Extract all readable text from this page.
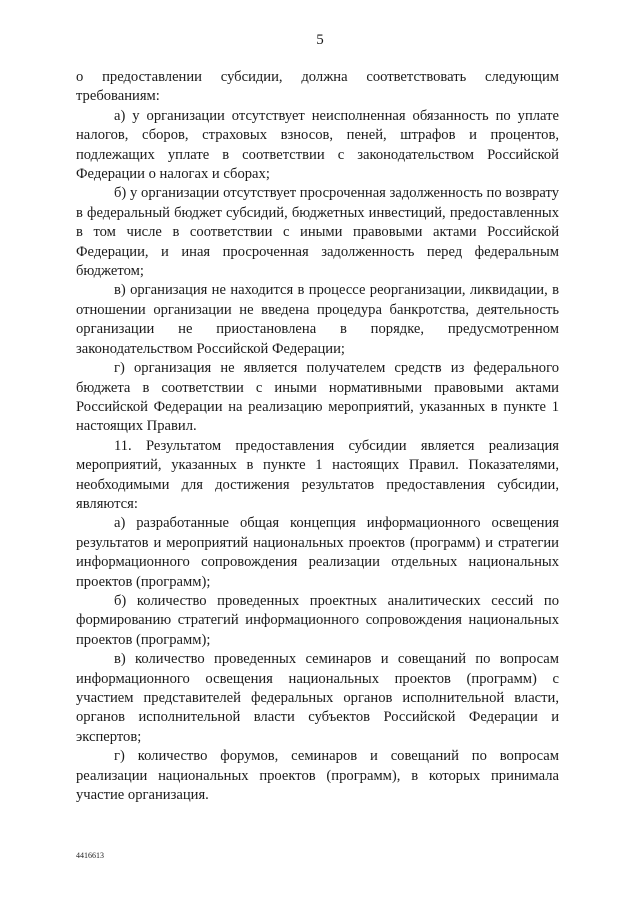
5

о предоставлении субсидии, должна соответствовать следующим требованиям:

а) у организации отсутствует неисполненная обязанность по уплате налогов, сборов, страховых взносов, пеней, штрафов и процентов, подлежащих уплате в соответствии с законодательством Российской Федерации о налогах и сборах;

б) у организации отсутствует просроченная задолженность по возврату в федеральный бюджет субсидий, бюджетных инвестиций, предоставленных в том числе в соответствии с иными правовыми актами Российской Федерации, и иная просроченная задолженность перед федеральным бюджетом;

в) организация не находится в процессе реорганизации, ликвидации, в отношении организации не введена процедура банкротства, деятельность организации не приостановлена в порядке, предусмотренном законодательством Российской Федерации;

г) организация не является получателем средств из федерального бюджета в соответствии с иными нормативными правовыми актами Российской Федерации на реализацию мероприятий, указанных в пункте 1 настоящих Правил.

11. Результатом предоставления субсидии является реализация мероприятий, указанных в пункте 1 настоящих Правил. Показателями, необходимыми для достижения результатов предоставления субсидии, являются:

а) разработанные общая концепция информационного освещения результатов и мероприятий национальных проектов (программ) и стратегии информационного сопровождения реализации отдельных национальных проектов (программ);

б) количество проведенных проектных аналитических сессий по формированию стратегий информационного сопровождения национальных проектов (программ);

в) количество проведенных семинаров и совещаний по вопросам информационного освещения национальных проектов (программ) с участием представителей федеральных органов исполнительной власти, органов исполнительной власти субъектов Российской Федерации и экспертов;

г) количество форумов, семинаров и совещаний по вопросам реализации национальных проектов (программ), в которых принимала участие организация.

4416613
